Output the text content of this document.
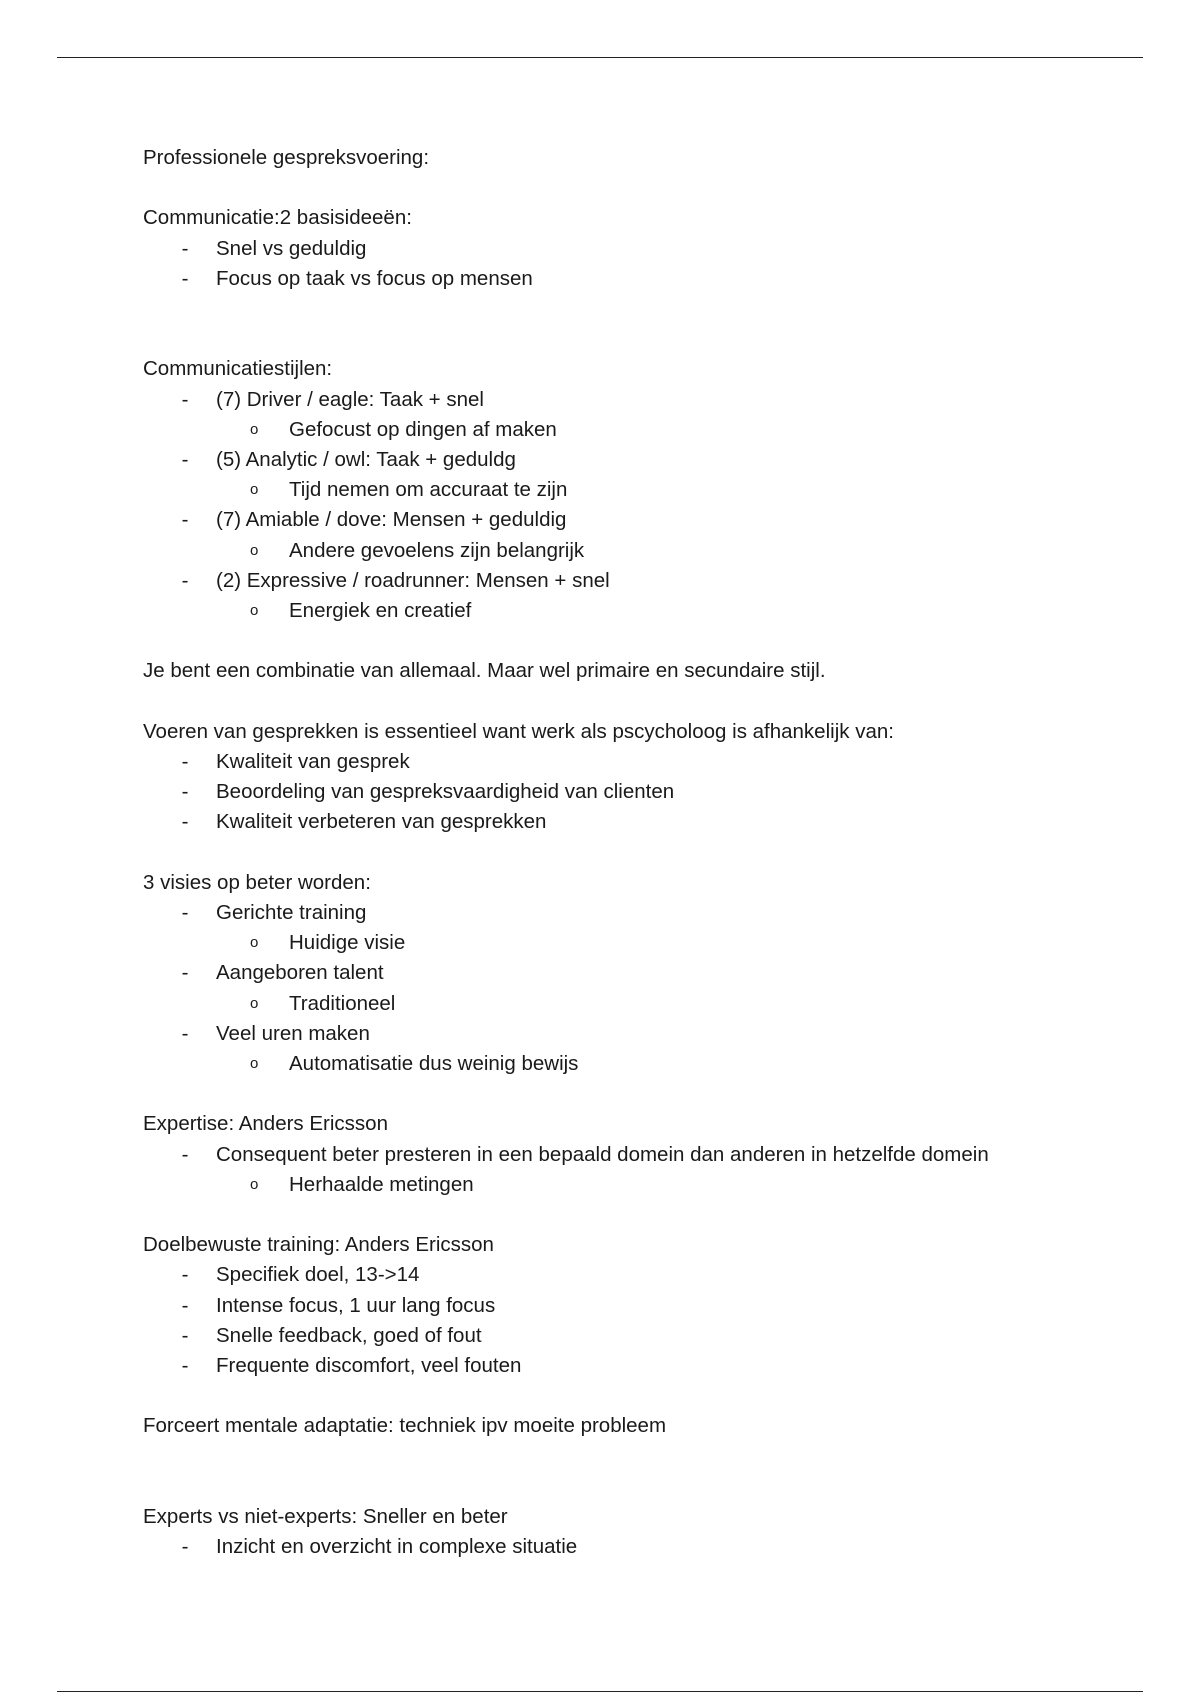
Professionele gespreksvoering:

Communicatie:2 basisideeën:

- Snel vs geduldig
- Focus op taak vs focus op mensen

Communicatiestijlen:

- (7) Driver / eagle: Taak + snel
o Gefocust op dingen af maken
- (5) Analytic / owl: Taak + geduldg
o Tijd nemen om accuraat te zijn
- (7) Amiable / dove: Mensen + geduldig
o Andere gevoelens zijn belangrijk
- (2) Expressive / roadrunner: Mensen + snel
o Energiek en creatief

Je bent een combinatie van allemaal. Maar wel primaire en secundaire stijl.

Voeren van gesprekken is essentieel want werk als pscycholoog is afhankelijk van:

- Kwaliteit van gesprek
- Beoordeling van gespreksvaardigheid van clienten
- Kwaliteit verbeteren van gesprekken

3 visies op beter worden:

- Gerichte training
o Huidige visie
- Aangeboren talent
o Traditioneel
- Veel uren maken
o Automatisatie dus weinig bewijs

Expertise: Anders Ericsson

- Consequent beter presteren in een bepaald domein dan anderen in hetzelfde domein
o Herhaalde metingen

Doelbewuste training: Anders Ericsson

- Specifiek doel, 13->14
- Intense focus, 1 uur lang focus
- Snelle feedback, goed of fout
- Frequente discomfort, veel fouten

Forceert mentale adaptatie: techniek ipv moeite probleem

Experts vs niet-experts: Sneller en beter

- Inzicht en overzicht in complexe situatie
